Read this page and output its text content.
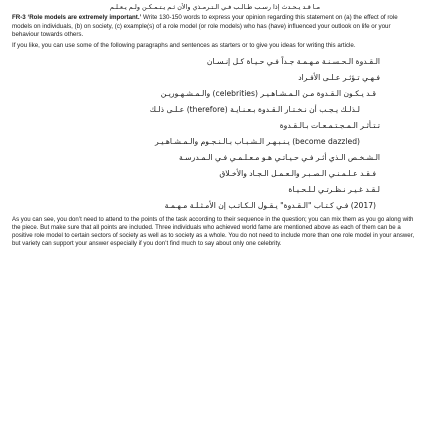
مـا قـد يـحـدث إذا رسـب طـالـب فـي الـتـرمـذي والأن ثـم يـتـمـكـن ولـم يـعـلـم

FR-3 ‘Role models are extremely important.’ Write 130-150 words to express your opinion regarding this statement on (a) the effect of role models on individuals, (b) on society, (c) example(s) of a role model (or role models) who has (have) influenced your outlook on life or your behaviour towards others.

If you like, you can use some of the following paragraphs and sentences as starters or to give you ideas for writing this article.

الـقـدوة الـحـسـنـة مـهـمـة جـداً فـي حـيـاة كـل إنـسـان
فـهـي تـؤثـر عـلـى الأفـراد
قـد يـكـون الـقـدوة مـن الـمـشـاهـيـر (celebrities) والـمـشـهـوريـن
لـذلـك يـجـب أن نـخـتـار الـقـدوة بـعـنـايـة (therefore) عـلـى ذلـك
تـتـأثـر الـمـجـتـمـعـات بـالـقـدوة
(become dazzled) يـنـبـهـر الـشـبـاب بـالـنـجـوم والـمـشـاهـيـر
الـشـخـص الـذي أثـر فـي حـيـاتـي هـو مـعـلـمـي فـي الـمـدرسـة
فـقـد عـلـمـنـي الـصـبـر والـعـمـل الـجـاد والأخـلاق
لـقـد غـيـر نـظـرتـي لـلـحـيـاة
(2017) فـي كـتـاب "الـقـدوة" يـقـول الـكـاتـب إن الأمـثـلـة مـهـمـة

As you can see, you don’t need to attend to the points of the task according to their sequence in the question; you can mix them as you go along with the piece. But make sure that all points are included. Three individuals who achieved world fame are mentioned above as each of them can be a positive role model to certain sectors of society as well as to society as a whole. You do not need to include more than one role model in your answer, but variety can support your answer especially if you don’t find much to say about only one celebrity.
